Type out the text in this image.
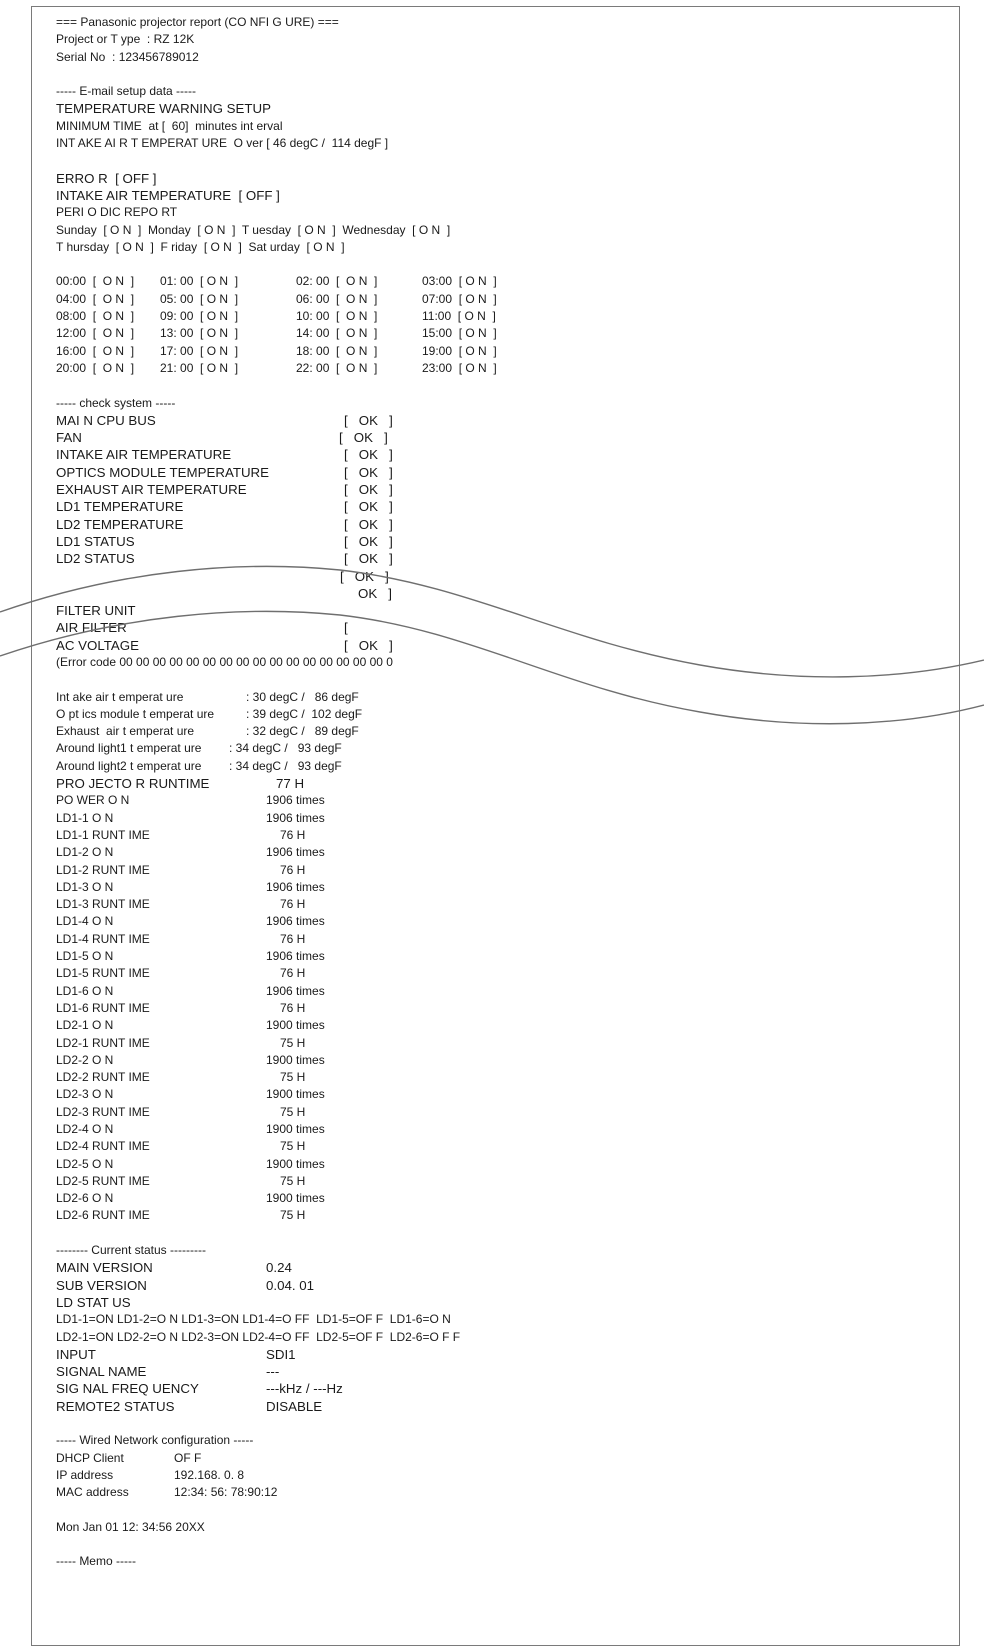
=== Panasonic projector report (CO NFI G URE) ===
Project or T ype  : RZ 12K
Serial No  : 123456789012
----- E-mail setup data -----
TEMPERATURE WARNING SETUP
MINIMUM TIME  at [  60]  minutes int erval
INT AKE AI R T EMPERAT URE  O ver [ 46 degC /  114 degF ]
ERRO R  [ OFF ]
INTAKE AIR TEMPERATURE  [ OFF ]
PERI O DIC REPO RT
Sunday  [ O N  ]  Monday  [ O N  ]  T uesday  [ O N  ]  Wednesday  [ O N  ]
T hursday  [ O N  ]  F riday  [ O N  ]  Sat urday  [ O N  ]

00:00  [  O N  ] 01: 00  [ O N  ]	02: 00  [  O N  ]	03:00  [ O N  ]

04:00  [  O N  ] 05: 00  [ O N  ]	06: 00  [  O N  ]	07:00  [ O N  ]

08:00  [  O N  ] 09: 00  [ O N  ]	10: 00  [  O N  ]	11:00  [ O N  ]

12:00  [  O N  ] 13: 00  [ O N  ]	14: 00  [  O N  ]	15:00  [ O N  ]

16:00  [  O N  ] 17: 00  [ O N  ]	18: 00  [  O N  ]	19:00  [ O N  ]

20:00  [  O N  ] 21: 00  [ O N  ]	22: 00  [  O N  ]	23:00  [ O N  ]

----- check system -----
MAI N CPU BUS	[   OK   ]
FAN	[   OK   ]
INTAKE AIR TEMPERATURE	[   OK   ]
OPTICS MODULE TEMPERATURE	[   OK   ]
EXHAUST AIR TEMPERATURE	[   OK   ]
LD1 TEMPERATURE	[   OK   ]
LD2 TEMPERATURE	[   OK   ]
LD1 STATUS	[   OK   ]
LD2 STATUS	[   OK   ]
[   OK   ]
OK   ]
FILTER UNIT
AIR FILTER	[
AC VOLTAGE	[   OK   ]
(Error code 00 00 00 00 00 00 00 00 00 00 00 00 00 00 00 00 0
Int ake air t emperat ure	: 30 degC /   86 degF
O pt ics module t emperat ure	: 39 degC /  102 degF
Exhaust  air t emperat ure	: 32 degC /   89 degF
Around light1 t emperat ure : 34 degC /   93 degF
Around light2 t emperat ure : 34 degC /   93 degF
PRO JECTO R RUNTIME	77 H
PO WER O N	1906 times
LD1-1 O N	1906 times
LD1-1 RUNT IME	76 H
LD1-2 O N	1906 times
LD1-2 RUNT IME	76 H
LD1-3 O N	1906 times
LD1-3 RUNT IME	76 H
LD1-4 O N	1906 times
LD1-4 RUNT IME	76 H
LD1-5 O N	1906 times
LD1-5 RUNT IME	76 H
LD1-6 O N	1906 times
LD1-6 RUNT IME	76 H
LD2-1 O N	1900 times
LD2-1 RUNT IME	75 H
LD2-2 O N	1900 times
LD2-2 RUNT IME	75 H
LD2-3 O N	1900 times
LD2-3 RUNT IME	75 H
LD2-4 O N	1900 times
LD2-4 RUNT IME	75 H
LD2-5 O N	1900 times
LD2-5 RUNT IME	75 H
LD2-6 O N	1900 times
LD2-6 RUNT IME	75 H
-------- Current status ---------
MAIN VERSION	0.24
SUB VERSION	0.04. 01
LD STAT US
LD1-1=ON LD1-2=O N LD1-3=ON LD1-4=O FF  LD1-5=OF F  LD1-6=O N
LD2-1=ON LD2-2=O N LD2-3=ON LD2-4=O FF  LD2-5=OF F  LD2-6=O F F
INPUT	SDI1
SIGNAL NAME	---
SIG NAL FREQ UENCY	---kHz / ---Hz
REMOTE2 STATUS	DISABLE
----- Wired Network configuration -----
DHCP Client	OF F
IP address	192.168. 0. 8
MAC address	12:34: 56: 78:90:12
Mon Jan 01 12: 34:56 20XX
----- Memo -----
